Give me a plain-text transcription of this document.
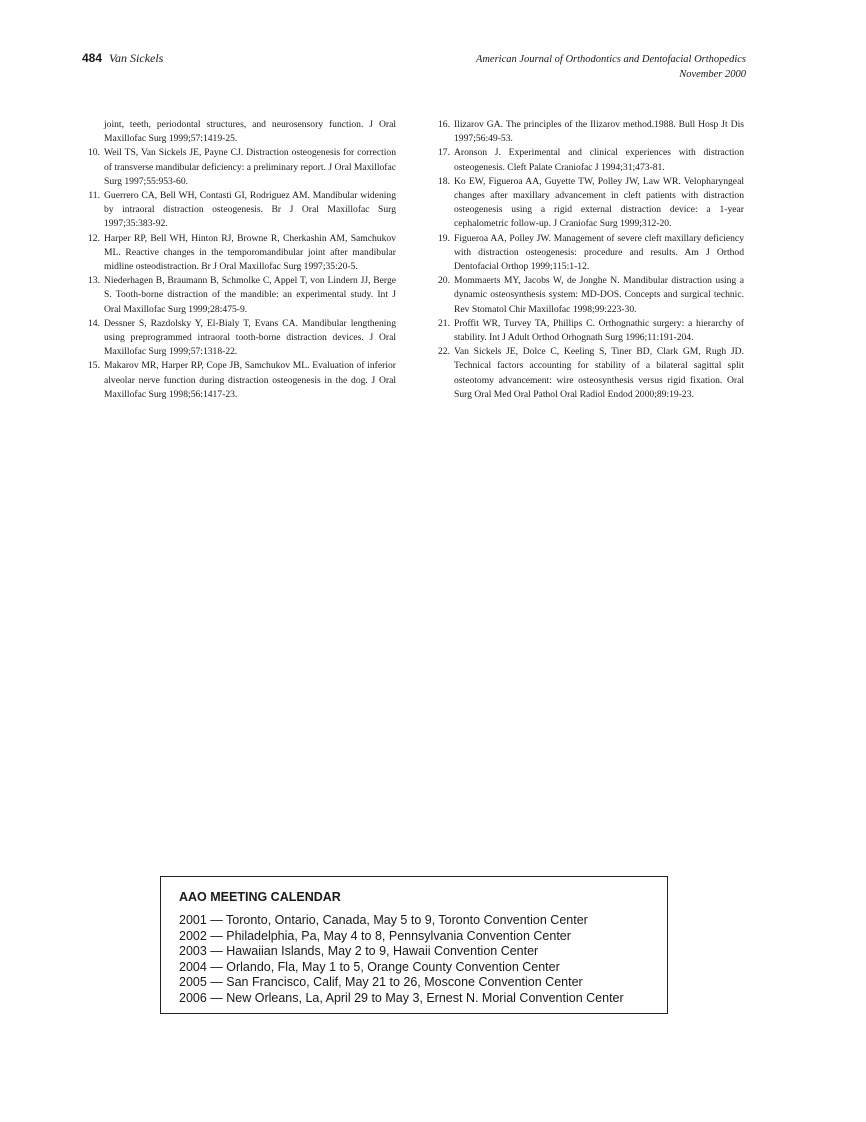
484 Van Sickels	American Journal of Orthodontics and Dentofacial Orthopedics
November 2000
joint, teeth, periodontal structures, and neurosensory function. J Oral Maxillofac Surg 1999;57:1419-25.
10. Weil TS, Van Sickels JE, Payne CJ. Distraction osteogenesis for correction of transverse mandibular deficiency: a preliminary report. J Oral Maxillofac Surg 1997;55:953-60.
11. Guerrero CA, Bell WH, Contasti GI, Rodriguez AM. Mandibular widening by intraoral distraction osteogenesis. Br J Oral Maxillofac Surg 1997;35:383-92.
12. Harper RP, Bell WH, Hinton RJ, Browne R, Cherkashin AM, Samchukov ML. Reactive changes in the temporomandibular joint after mandibular midline osteodistraction. Br J Oral Maxillofac Surg 1997;35:20-5.
13. Niederhagen B, Braumann B, Schmolke C, Appel T, von Lindern JJ, Berge S. Tooth-borne distraction of the mandible: an experimental study. Int J Oral Maxillofac Surg 1999;28:475-9.
14. Dessner S, Razdolsky Y, El-Bialy T, Evans CA. Mandibular lengthening using preprogrammed intraoral tooth-borne distraction devices. J Oral Maxillofac Surg 1999;57:1318-22.
15. Makarov MR, Harper RP, Cope JB, Samchukov ML. Evaluation of inferior alveolar nerve function during distraction osteogenesis in the dog. J Oral Maxillofac Surg 1998;56:1417-23.
16. Ilizarov GA. The principles of the Ilizarov method.1988. Bull Hosp Jt Dis 1997;56:49-53.
17. Aronson J. Experimental and clinical experiences with distraction osteogenesis. Cleft Palate Craniofac J 1994;31;473-81.
18. Ko EW, Figueroa AA, Guyette TW, Polley JW, Law WR. Velopharyngeal changes after maxillary advancement in cleft patients with distraction osteogenesis using a rigid external distraction device: a 1-year cephalometric follow-up. J Craniofac Surg 1999;312-20.
19. Figueroa AA, Polley JW. Management of severe cleft maxillary deficiency with distraction osteogenesis: procedure and results. Am J Orthod Dentofacial Orthop 1999;115:1-12.
20. Mommaerts MY, Jacobs W, de Jonghe N. Mandibular distraction using a dynamic osteosynthesis system: MD-DOS. Concepts and surgical technic. Rev Stomatol Chir Maxillofac 1998;99:223-30.
21. Proffit WR, Turvey TA, Phillips C. Orthognathic surgery: a hierarchy of stability. Int J Adult Orthod Orhognath Surg 1996;11:191-204.
22. Van Sickels JE, Dolce C, Keeling S, Tiner BD, Clark GM, Rugh JD. Technical factors accounting for stability of a bilateral sagittal split osteotomy advancement: wire osteosynthesis versus rigid fixation. Oral Surg Oral Med Oral Pathol Oral Radiol Endod 2000;89:19-23.
AAO MEETING CALENDAR
2001 — Toronto, Ontario, Canada, May 5 to 9, Toronto Convention Center
2002 — Philadelphia, Pa, May 4 to 8, Pennsylvania Convention Center
2003 — Hawaiian Islands, May 2 to 9, Hawaii Convention Center
2004 — Orlando, Fla, May 1 to 5, Orange County Convention Center
2005 — San Francisco, Calif, May 21 to 26, Moscone Convention Center
2006 — New Orleans, La, April 29 to May 3, Ernest N. Morial Convention Center
